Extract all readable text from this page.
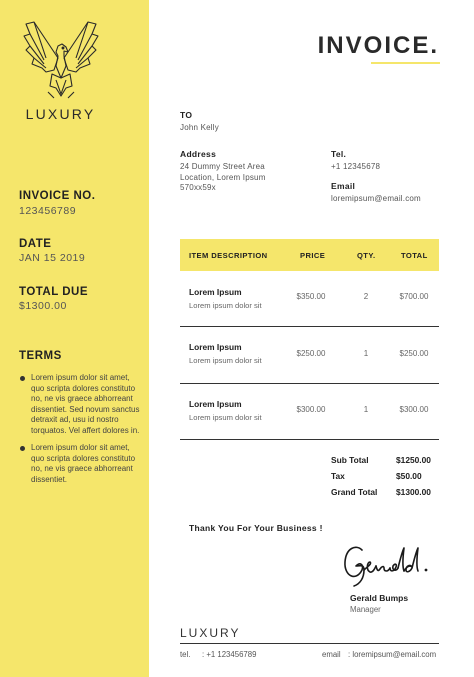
LUXURY
INVOICE NO.
123456789
DATE
JAN 15 2019
TOTAL DUE
$1300.00
TERMS
Lorem ipsum dolor sit amet, quo scripta dolores constituto no, ne vis graece abhorreant dissentiet. Sed novum sanctus detraxit ad, usu id nostro torquatos. Vel affert dolores in.
Lorem ipsum dolor sit amet, quo scripta dolores constituto no, ne vis graece abhorreant dissentiet.
INVOICE.
TO
John Kelly
Address
24 Dummy Street Area
Location, Lorem Ipsum
570xx59x
Tel.
+1 12345678
Email
loremipsum@email.com
ITEM DESCRIPTION	PRICE	QTY.	TOTAL
Lorem Ipsum
Lorem ipsum dolor sit
$350.00	2	$700.00
Lorem Ipsum
Lorem ipsum dolor sit
$250.00	1	$250.00
Lorem Ipsum
Lorem ipsum dolor sit
$300.00	1	$300.00
Sub Total	$1250.00
Tax	$50.00
Grand Total $1300.00
Thank You For Your Business !
Gerald Bumps
Manager
LUXURY
tel. : +1 123456789	email : loremipsum@email.com
